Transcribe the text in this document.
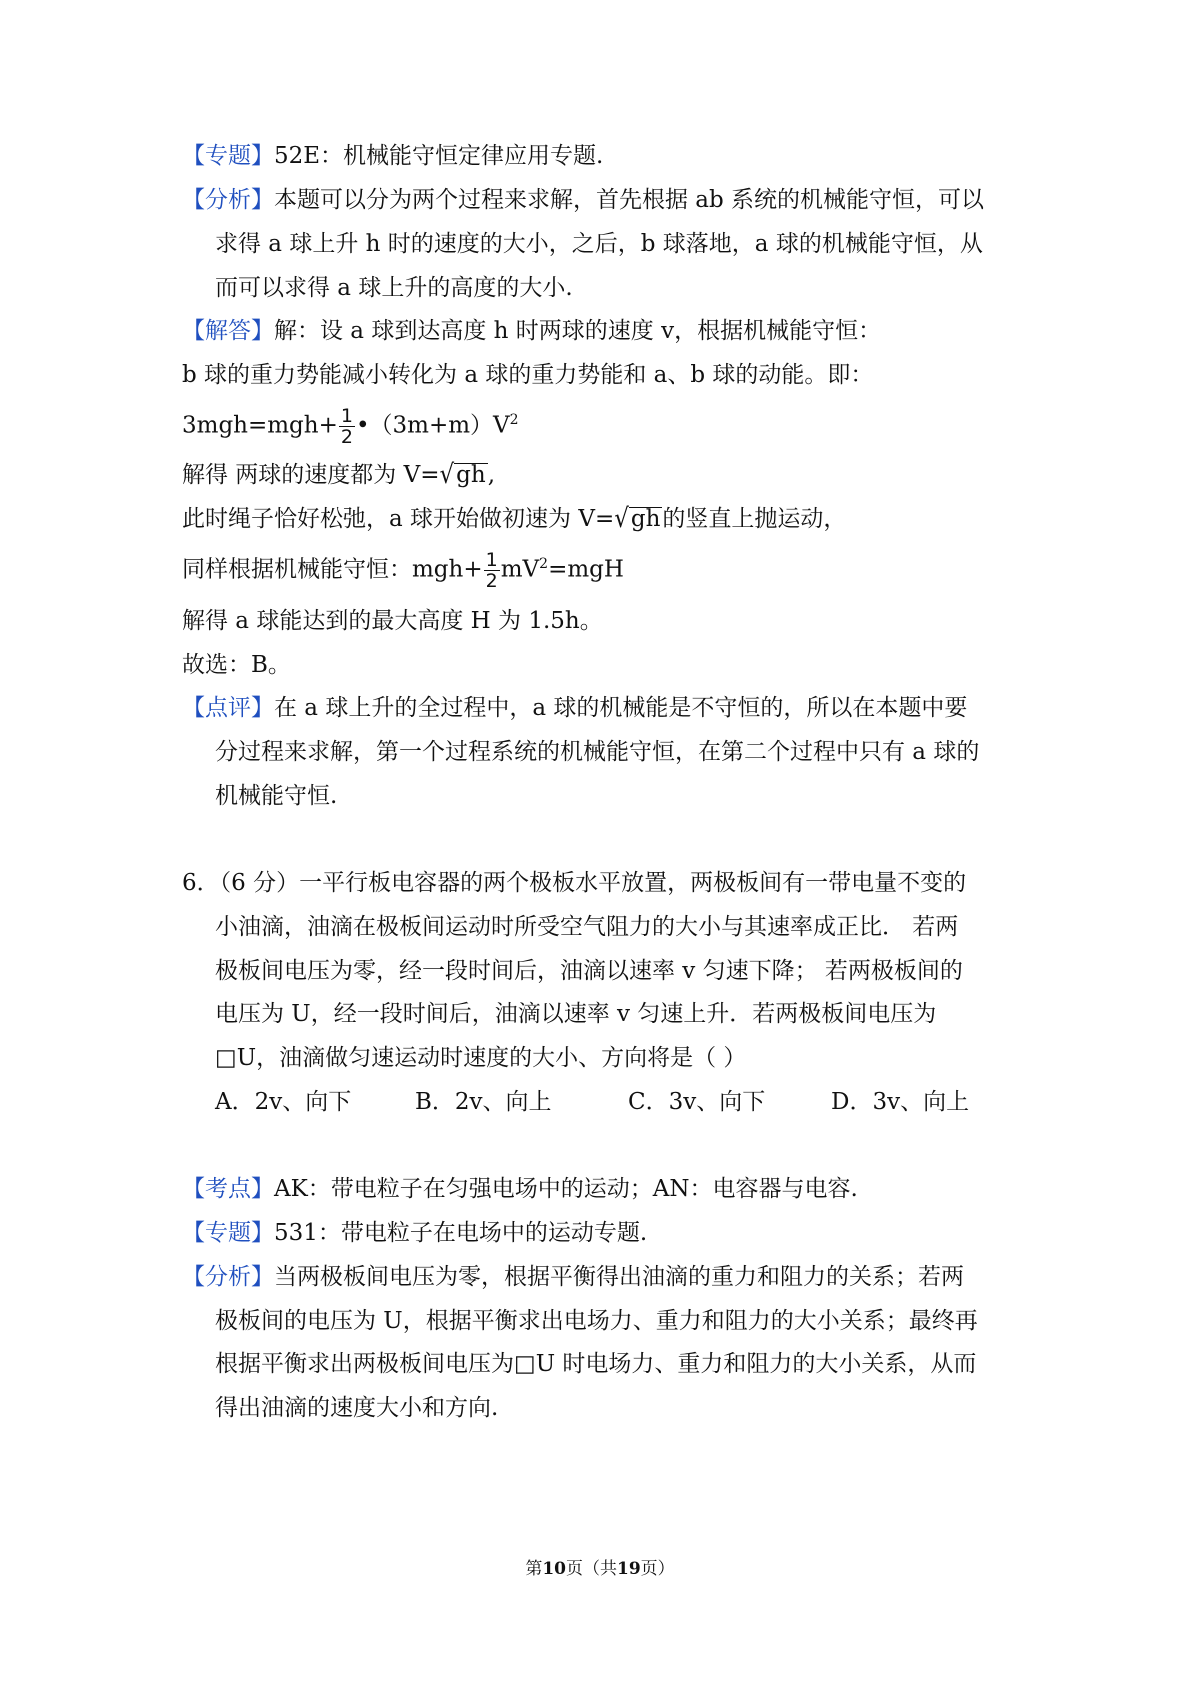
【专题】52E：机械能守恒定律应用专题.
【分析】本题可以分为两个过程来求解，首先根据 ab 系统的机械能守恒，可以
求得 a 球上升 h 时的速度的大小，之后，b 球落地，a 球的机械能守恒，从
而可以求得 a 球上升的高度的大小.
【解答】解：设 a 球到达高度 h 时两球的速度 v，根据机械能守恒：
b 球的重力势能减小转化为 a 球的重力势能和 a、b 球的动能。即：
$3mgh=mgh+ \frac{1}{2}$ $•(3m+m)V^2$
解得 两球的速度都为 V=√gh,
此时绳子恰好松弛，a 球开始做初速为 V=√gh的竖直上抛运动，
同样根据机械能守恒：$mgh+ \frac{1}{2} mV^2=mgH$
解得 a 球能达到的最大高度 H 为 1.5h。
故选：B。
【点评】在 a 球上升的全过程中，a 球的机械能是不守恒的，所以在本题中要
分过程来求解，第一个过程系统的机械能守恒，在第二个过程中只有 a 球的
机械能守恒.
6．（6 分）一平行板电容器的两个极板水平放置，两极板间有一带电量不变的
小油滴，油滴在极板间运动时所受空气阻力的大小与其速率成正比． 若两
极板间电压为零，经一段时间后，油滴以速率 v 匀速下降； 若两极板间的
电压为 U，经一段时间后，油滴以速率 v 匀速上升．若两极板间电压为
□U，油滴做匀速运动时速度的大小、方向将是（ ）
A．2v、向下	B．2v、向上	C．3v、向下	D．3v、向上
【考点】AK：带电粒子在匀强电场中的运动；AN：电容器与电容.
【专题】531：带电粒子在电场中的运动专题.
【分析】当两极板间电压为零，根据平衡得出油滴的重力和阻力的关系；若两
极板间的电压为 U，根据平衡求出电场力、重力和阻力的大小关系；最终再
根据平衡求出两极板间电压为□U 时电场力、重力和阻力的大小关系，从而
得出油滴的速度大小和方向.
第10页（共19页）
